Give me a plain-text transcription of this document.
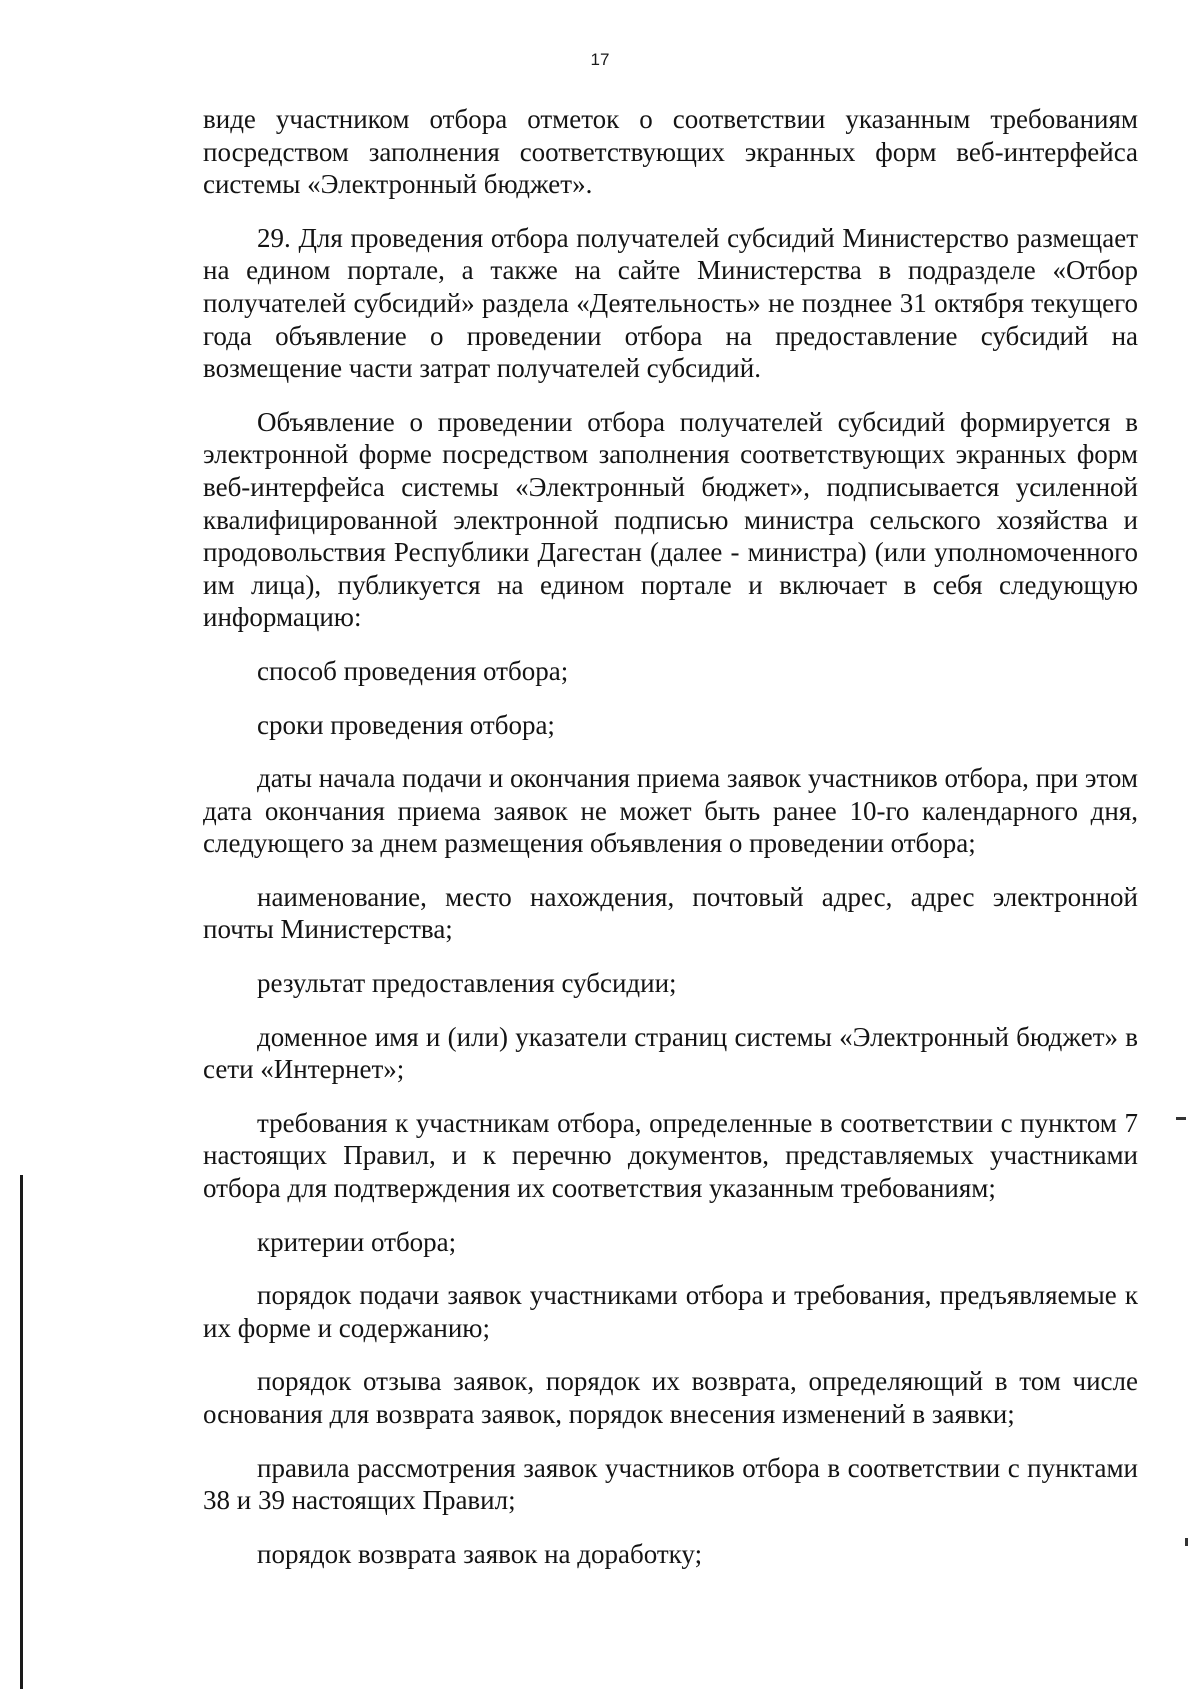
17

виде участником отбора отметок о соответствии указанным требованиям посредством заполнения соответствующих экранных форм веб-интерфейса системы «Электронный бюджет».

29. Для проведения отбора получателей субсидий Министерство размещает на едином портале, а также на сайте Министерства в подразделе «Отбор получателей субсидий» раздела «Деятельность» не позднее 31 октября текущего года объявление о проведении отбора на предоставление субсидий на возмещение части затрат получателей субсидий.

Объявление о проведении отбора получателей субсидий формируется в электронной форме посредством заполнения соответствующих экранных форм веб-интерфейса системы «Электронный бюджет», подписывается усиленной квалифицированной электронной подписью министра сельского хозяйства и продовольствия Республики Дагестан (далее - министра) (или уполномоченного им лица), публикуется на едином портале и включает в себя следующую информацию:

способ проведения отбора;

сроки проведения отбора;

даты начала подачи и окончания приема заявок участников отбора, при этом дата окончания приема заявок не может быть ранее 10-го календарного дня, следующего за днем размещения объявления о проведении отбора;

наименование, место нахождения, почтовый адрес, адрес электронной почты Министерства;

результат предоставления субсидии;

доменное имя и (или) указатели страниц системы «Электронный бюджет» в сети «Интернет»;

требования к участникам отбора, определенные в соответствии с пунктом 7 настоящих Правил, и к перечню документов, представляемых участниками отбора для подтверждения их соответствия указанным требованиям;

критерии отбора;

порядок подачи заявок участниками отбора и требования, предъявляемые к их форме и содержанию;

порядок отзыва заявок, порядок их возврата, определяющий в том числе основания для возврата заявок, порядок внесения изменений в заявки;

правила рассмотрения заявок участников отбора в соответствии с пунктами 38 и 39 настоящих Правил;

порядок возврата заявок на доработку;
